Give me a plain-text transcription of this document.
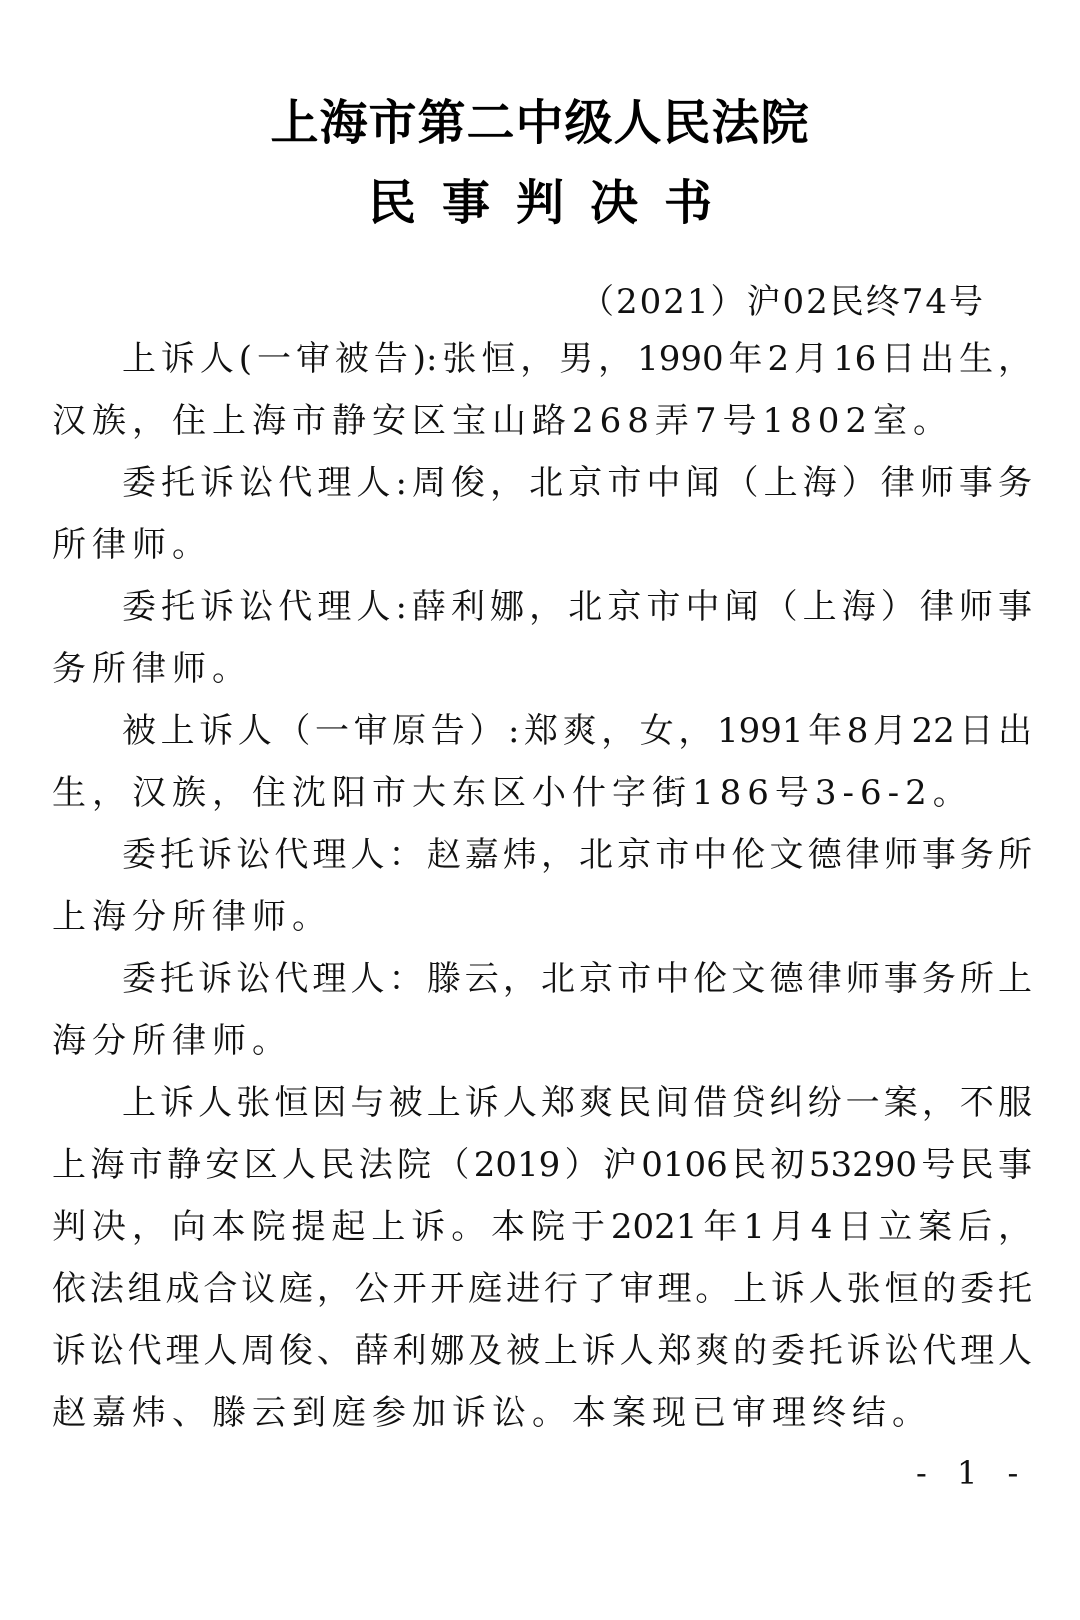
上海市第二中级人民法院
民事判决书
（2021）沪02民终74号
上诉人(一审被告):张恒，男，1990年2月16日出生，
汉族，住上海市静安区宝山路268弄7号1802室。
委托诉讼代理人:周俊，北京市中闻（上海）律师事务
所律师。
委托诉讼代理人:薛利娜，北京市中闻（上海）律师事
务所律师。
被上诉人（一审原告）:郑爽，女，1991年8月22日出
生，汉族，住沈阳市大东区小什字街186号3-6-2。
委托诉讼代理人：赵嘉炜，北京市中伦文德律师事务所
上海分所律师。
委托诉讼代理人：滕云，北京市中伦文德律师事务所上
海分所律师。
上诉人张恒因与被上诉人郑爽民间借贷纠纷一案，不服
上海市静安区人民法院（2019）沪0106民初53290号民事
判决，向本院提起上诉。本院于2021年1月4日立案后，
依法组成合议庭，公开开庭进行了审理。上诉人张恒的委托
诉讼代理人周俊、薛利娜及被上诉人郑爽的委托诉讼代理人
赵嘉炜、滕云到庭参加诉讼。本案现已审理终结。
- 1 -
